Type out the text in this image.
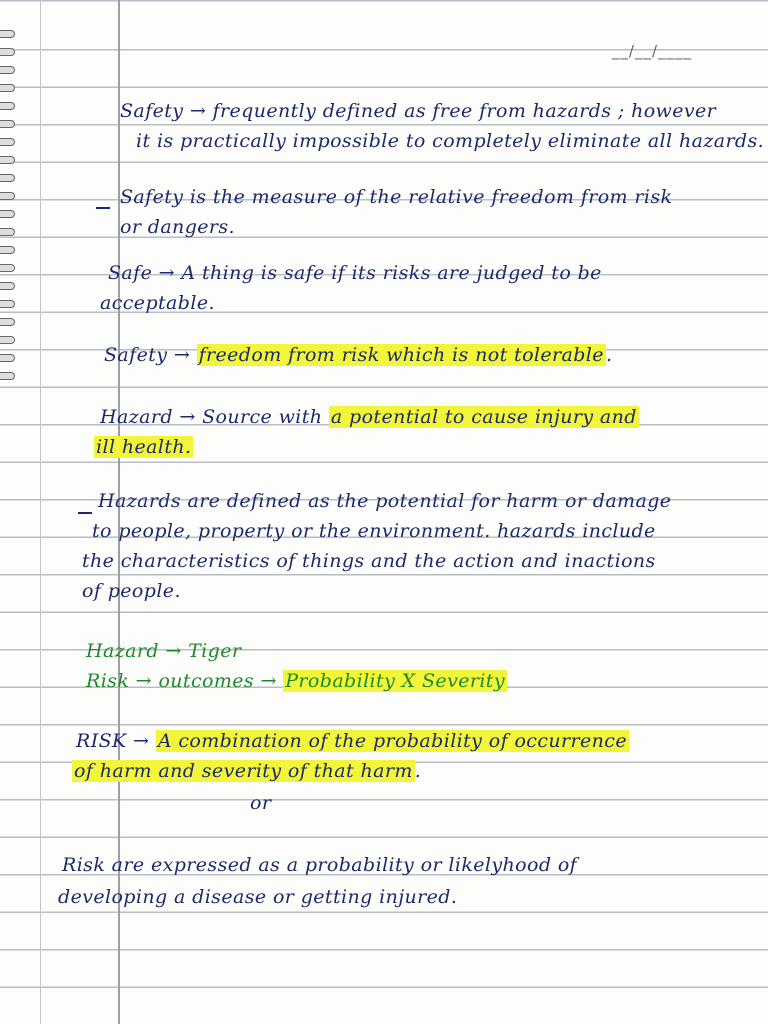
__/__/____
Safety → frequently defined as free from hazards ; however
it is practically impossible to completely eliminate all hazards.
Safety is the measure of the relative freedom from risk
or dangers.
Safe → A thing is safe if its risks are judged to be
acceptable.
Safety → freedom from risk which is not tolerable .
Hazard → Source with a potential to cause injury and
ill health.
Hazards are defined as the potential for harm or damage
to people, property or the environment. hazards include
the characteristics of things and the action and inactions
of people.
Hazard → Tiger
Risk → outcomes → Probability X Severity
RISK → A combination of the probability of occurrence
of harm and severity of that harm .
or
Risk are expressed as a probability or likelyhood of
developing a disease or getting injured.
